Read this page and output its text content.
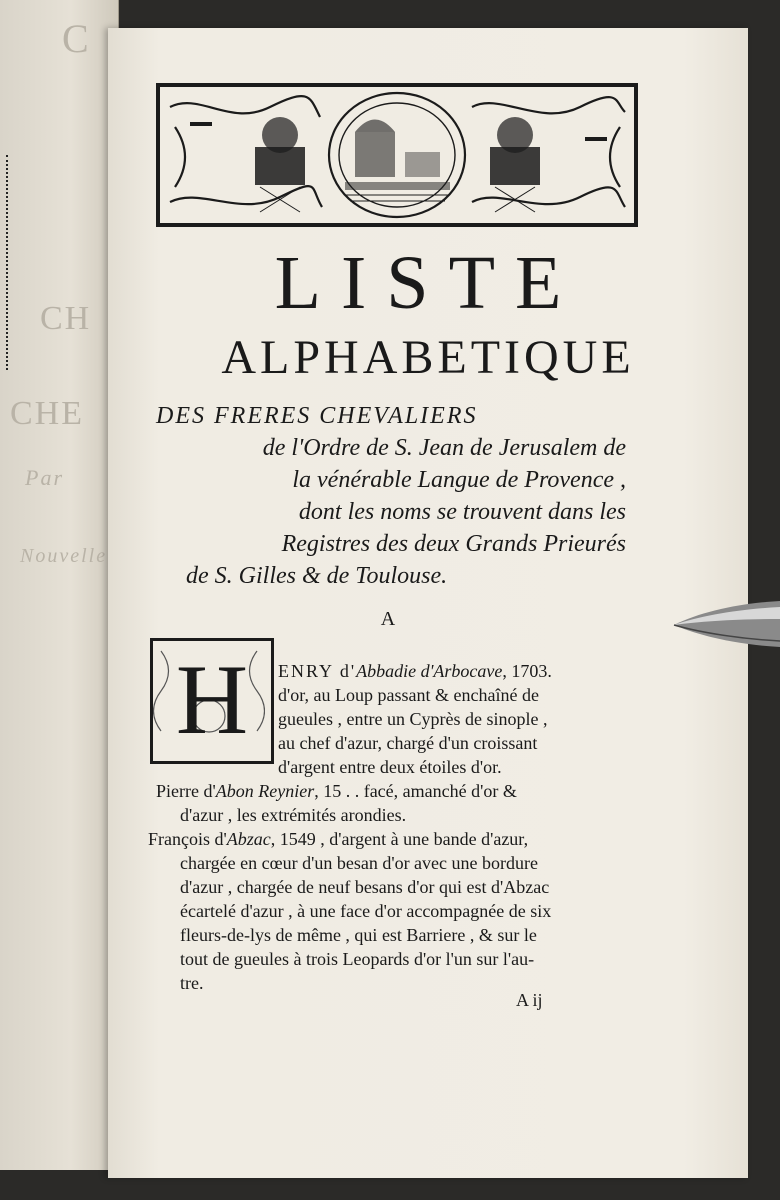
C
CH
CHE
Par
Nouvelle
LISTE
ALPHABETIQUE
DES FRERES CHEVALIERS
de l'Ordre de S. Jean de Jerusalem de
la vénérable Langue de Provence ,
dont les noms se trouvent dans les
Registres des deux Grands Prieurés
de S. Gilles & de Toulouse.
A
H	ENRY d'Abbadie d'Arbocave, 1703.
d'or, au Loup passant & enchaîné de
gueules , entre un Cyprès de sinople ,
au chef d'azur, chargé d'un croissant
d'argent entre deux étoiles d'or.
Pierre d'Abon Reynier, 15 . . facé, amanché d'or &
d'azur , les extrémités arondies.
François d'Abzac, 1549 , d'argent à une bande d'azur,
chargée en cœur d'un besan d'or avec une bordure
d'azur , chargée de neuf besans d'or qui est d'Abzac
écartelé d'azur , à une face d'or accompagnée de six
fleurs-de-lys de même , qui est Barriere , & sur le
tout de gueules à trois Leopards d'or l'un sur l'au-
tre.
A ij
